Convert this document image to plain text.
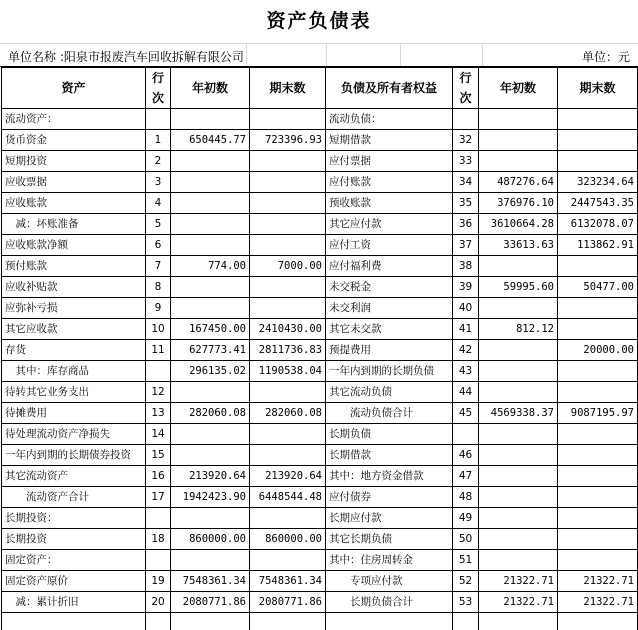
资产负债表
单位名称 :阳泉市报废汽车回收拆解有限公司	单位：元
资产	行次	年初数	期末数	负债及所有者权益	行次	年初数	期末数
流动资产：				流动负债：			
货币资金	1	650445.77	723396.93	短期借款	32		
短期投资	2			应付票据	33		
应收票据	3			应付账款	34	487276.64	323234.64
应收账款	4			预收账款	35	376976.10	2447543.35
　减：坏账准备	5			其它应付款	36	3610664.28	6132078.07
应收账款净额	6			应付工资	37	33613.63	113862.91
预付账款	7	774.00	7000.00	应付福利费	38		
应收补贴款	8			未交税金	39	59995.60	50477.00
应弥补亏损	9			未交利润	40		
其它应收款	10	167450.00	2410430.00	其它未交款	41	812.12	
存货	11	627773.41	2811736.83	预提费用	42		20000.00
　其中：库存商品		296135.02	1190538.04	一年内到期的长期负债	43		
待转其它业务支出	12			其它流动负债	44		
待摊费用	13	282060.08	282060.08	　　流动负债合计	45	4569338.37	9087195.97
待处理流动资产净损失	14			长期负债			
一年内到期的长期债券投资	15			长期借款	46		
其它流动资产	16	213920.64	213920.64	其中：地方资金借款	47		
　　流动资产合计	17	1942423.90	6448544.48	应付债券	48		
长期投资：				长期应付款	49		
长期投资	18	860000.00	860000.00	其它长期负债	50		
固定资产：				其中：住房周转金	51		
固定资产原价	19	7548361.34	7548361.34	　　专项应付款	52	21322.71	21322.71
　减：累计折旧	20	2080771.86	2080771.86	　　长期负债合计	53	21322.71	21322.71
